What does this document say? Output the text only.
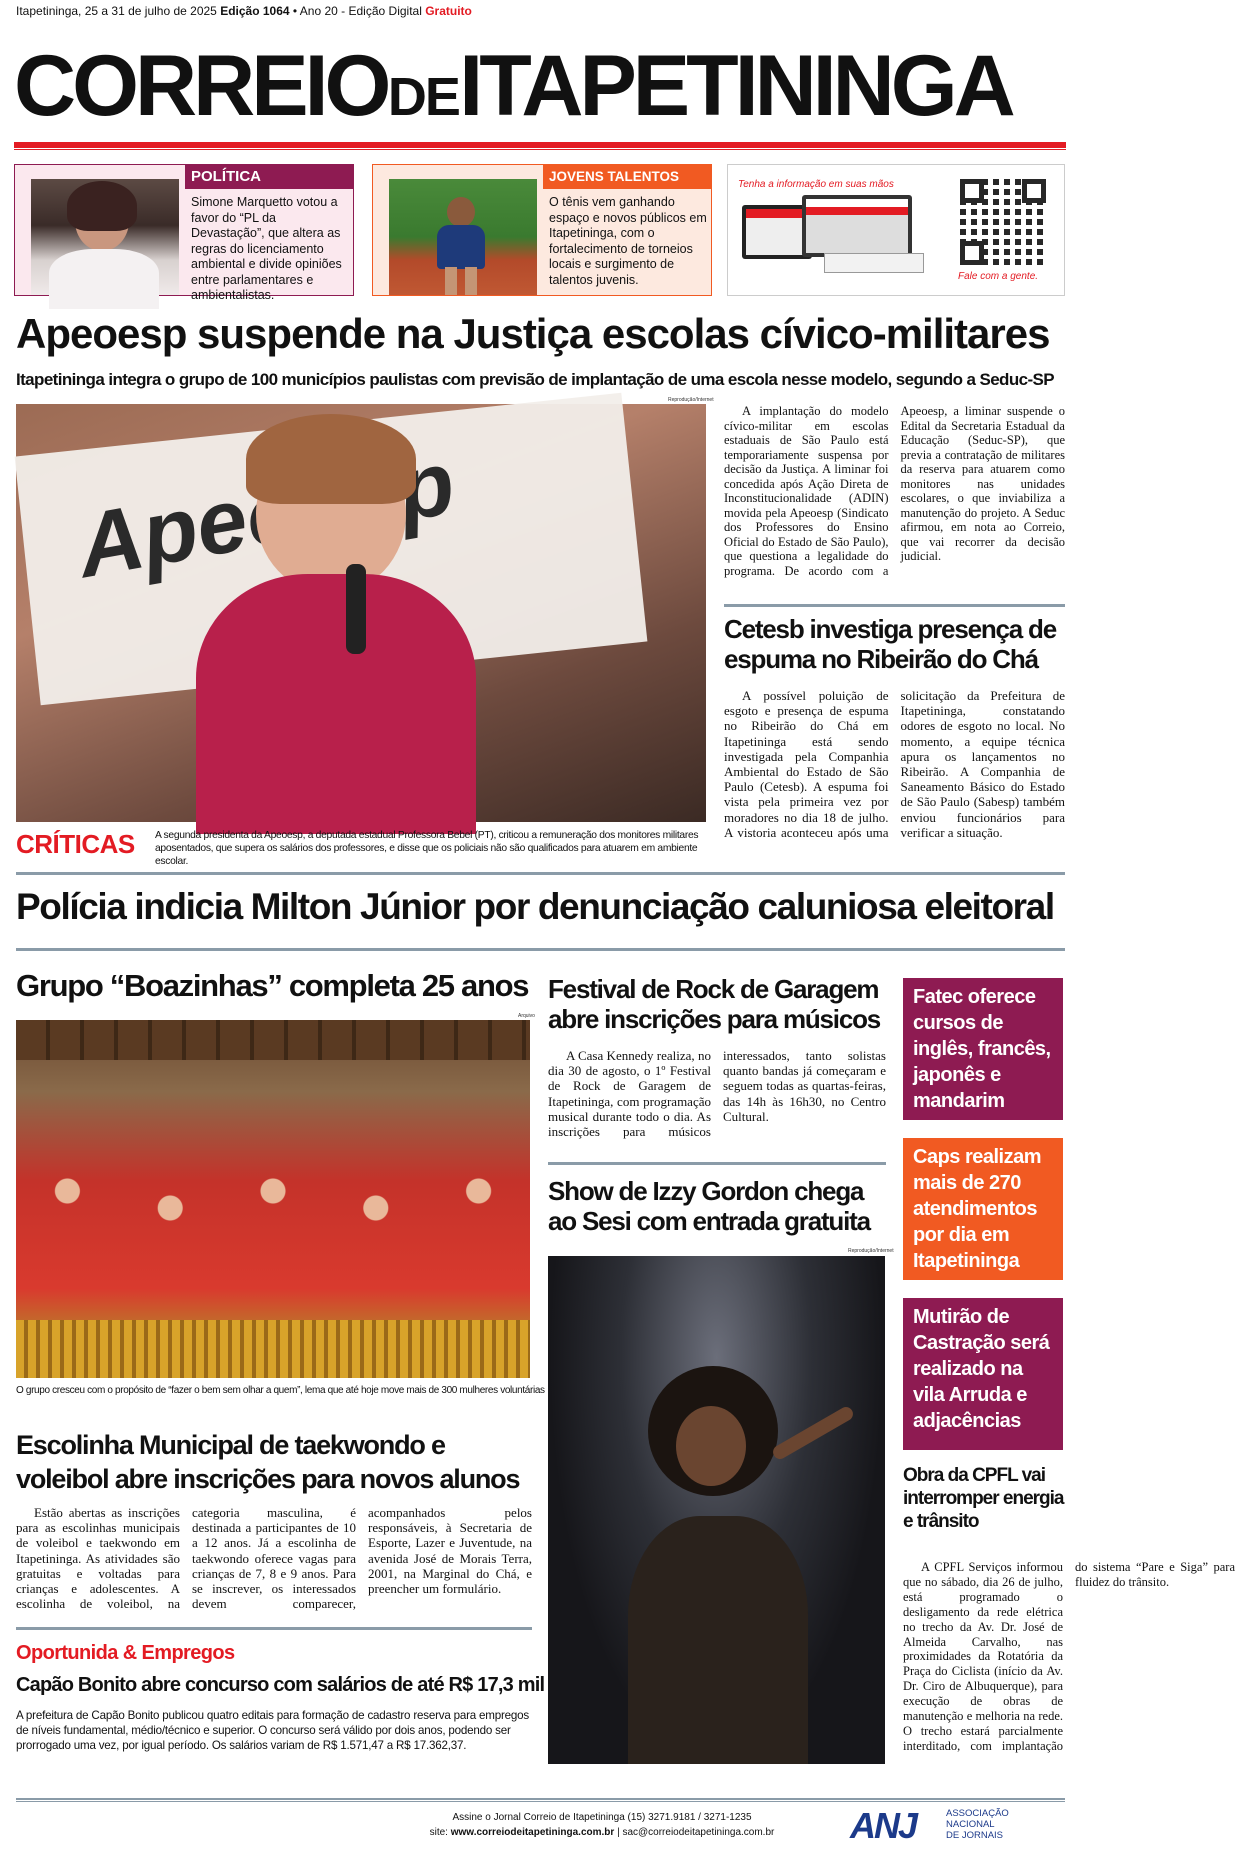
Itapetininga, 25 a 31 de julho de 2025 Edição 1064 • Ano 20 - Edição Digital Gratuito
CORREIO DE ITAPETININGA
POLÍTICA
Simone Marquetto votou a favor do “PL da Devastação”, que altera as regras do licenciamento ambiental e divide opiniões entre parlamentares e ambientalistas.
JOVENS TALENTOS
O tênis vem ganhando espaço e novos públicos em Itapetininga, com o fortalecimento de torneios locais e surgimento de talentos juvenis.
Tenha a informação em suas mãos
Fale com a gente.
Apeoesp suspende na Justiça escolas cívico-militares
Itapetininga integra o grupo de 100 municípios paulistas com previsão de implantação de uma escola nesse modelo, segundo a Seduc-SP
Reprodução/Internet
CRÍTICAS A segunda presidenta da Apeoesp, a deputada estadual Professora Bebel (PT), criticou a remuneração dos monitores militares aposentados, que supera os salários dos professores, e disse que os policiais não são qualificados para atuarem em ambiente escolar.

A implantação do modelo cívico-militar em escolas estaduais de São Paulo está temporariamente suspensa por decisão da Justiça. A liminar foi concedida após Ação Direta de Inconstitucionalidade (ADIN) movida pela Apeoesp (Sindicato dos Professores do Ensino Oficial do Estado de São Paulo), que questiona a legalidade do programa. De acordo com a Apeoesp, a liminar suspende o Edital da Secretaria Estadual da Educação (Seduc-SP), que previa a contratação de militares da reserva para atuarem como monitores nas unidades escolares, o que inviabiliza a manutenção do projeto. A Seduc afirmou, em nota ao Correio, que vai recorrer da decisão judicial.

Cetesb investiga presença de espuma no Ribeirão do Chá

A possível poluição de esgoto e presença de espuma no Ribeirão do Chá em Itapetininga está sendo investigada pela Companhia Ambiental do Estado de São Paulo (Cetesb). A espuma foi vista pela primeira vez por moradores no dia 18 de julho. A vistoria aconteceu após uma solicitação da Prefeitura de Itapetininga, constatando odores de esgoto no local. No momento, a equipe técnica apura os lançamentos no Ribeirão. A Companhia de Saneamento Básico do Estado de São Paulo (Sabesp) também enviou funcionários para verificar a situação.

Polícia indicia Milton Júnior por denunciação caluniosa eleitoral
Grupo “Boazinhas” completa 25 anos
Arquivo
O grupo cresceu com o propósito de “fazer o bem sem olhar a quem”, lema que até hoje move mais de 300 mulheres voluntárias
Escolinha Municipal de taekwondo e voleibol abre inscrições para novos alunos

Estão abertas as inscrições para as escolinhas municipais de voleibol e taekwondo em Itapetininga. As atividades são gratuitas e voltadas para crianças e adolescentes. A escolinha de voleibol, na categoria masculina, é destinada a participantes de 10 a 12 anos. Já a escolinha de taekwondo oferece vagas para crianças de 7, 8 e 9 anos. Para se inscrever, os interessados devem comparecer, acompanhados pelos responsáveis, à Secretaria de Esporte, Lazer e Juventude, na avenida José de Morais Terra, 2001, na Marginal do Chá, e preencher um formulário.

Oportunida & Empregos
Capão Bonito abre concurso com salários de até R$ 17,3 mil
A prefeitura de Capão Bonito publicou quatro editais para formação de cadastro reserva para empregos de níveis fundamental, médio/técnico e superior. O concurso será válido por dois anos, podendo ser prorrogado uma vez, por igual período. Os salários variam de R$ 1.571,47 a R$ 17.362,37.
Festival de Rock de Garagem abre inscrições para músicos

A Casa Kennedy realiza, no dia 30 de agosto, o 1º Festival de Rock de Garagem de Itapetininga, com programação musical durante todo o dia. As inscrições para músicos interessados, tanto solistas quanto bandas já começaram e seguem todas as quartas-feiras, das 14h às 16h30, no Centro Cultural.

Show de Izzy Gordon chega ao Sesi com entrada gratuita
Reprodução/Internet
Fatec oferece cursos de inglês, francês, japonês e mandarim
Caps realizam mais de 270 atendimentos por dia em Itapetininga
Mutirão de Castração será realizado na vila Arruda e adjacências
Obra da CPFL vai interromper energia e trânsito

A CPFL Serviços informou que no sábado, dia 26 de julho, está programado o desligamento da rede elétrica no trecho da Av. Dr. José de Almeida Carvalho, nas proximidades da Rotatória da Praça do Ciclista (início da Av. Dr. Ciro de Albuquerque), para execução de obras de manutenção e melhoria na rede. O trecho estará parcialmente interditado, com implantação do sistema “Pare e Siga” para fluidez do trânsito.

Assine o Jornal Correio de Itapetininga (15) 3271.9181 / 3271-1235
site: www.correiodeitapetininga.com.br | sac@correiodeitapetininga.com.br	ANJ	ASSOCIAÇÃO
NACIONAL
DE JORNAIS
